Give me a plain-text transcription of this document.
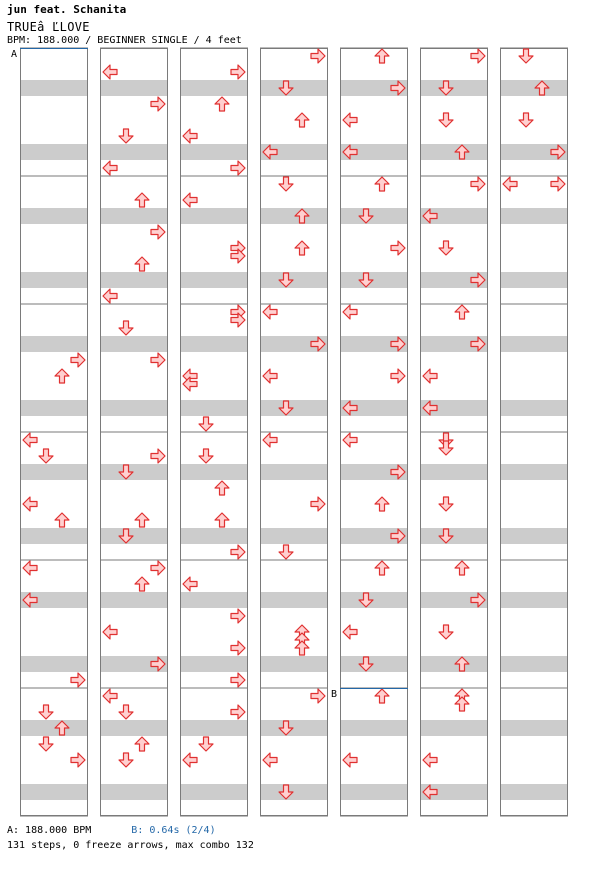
jun feat. Schanita
TRUEâ ĽLOVE
BPM: 188.000 / BEGINNER SINGLE / 4 feet
A
B
A: 188.000 BPM	B: 0.64s (2/4)
131 steps, 0 freeze arrows, max combo 132
